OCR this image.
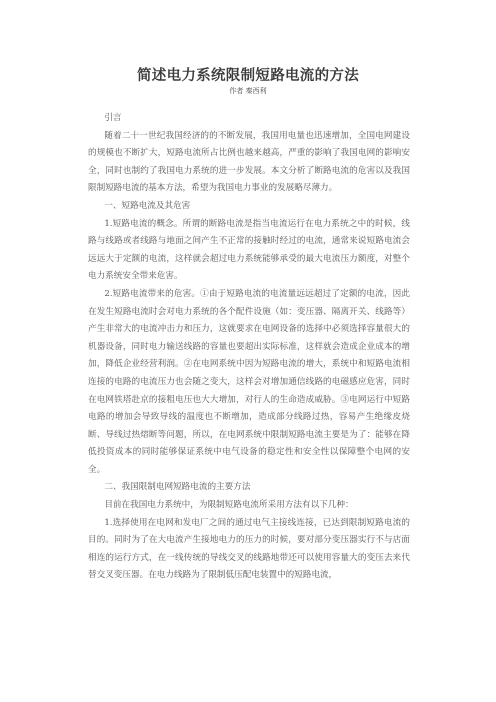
简述电力系统限制短路电流的方法
作者 秦西利

引言

随着二十一世纪我国经济的的不断发展，我国用电量也迅速增加，全国电网建设的规模也不断扩大，短路电流所占比例也越来越高，严重的影响了我国电网的影响安全，同时也制约了我国电力系统的进一步发展。本文分析了断路电流的危害以及我国限制短路电流的基本方法，希望为我国电力事业的发展略尽薄力。

一、短路电流及其危害

1.短路电流的概念。所谓的断路电流是指当电流运行在电力系统之中的时候，线路与线路或者线路与地面之间产生不正常的接触时经过的电流，通常来说短路电流会远远大于定额的电流，这样就会超过电力系统能够承受的最大电流压力额度，对整个电力系统安全带来危害。

2.短路电流带来的危害。①由于短路电流的电流量远远超过了定额的电流，因此在发生短路电流时会对电力系统的各个配件设施（如：变压器、隔离开关、线路等）产生非常大的电流冲击力和压力，这就要求在电网设备的选择中必须选择容量很大的机器设备，同时电力输送线路的容量也要超出实际标准，这样就会造成企业成本的增加，降低企业经营利润。②在电网系统中因为短路电流的增大，系统中和短路电流相连接的电路的电流压力也会随之变大，这样会对增加通信线路的电磁感应危害，同时在电网铁塔赴京的接粗电压也大大增加，对行人的生命造成威胁。③电网运行中短路电路的增加会导致导线的温度也不断增加，造成部分线路过热，容易产生绝缘皮烧断、导线过热熔断等问题，所以，在电网系统中限制短路电流主要是为了：能够在降低投资成本的同时能够保证系统中电气设备的稳定性和安全性以保障整个电网的安全。

二、我国限制电网短路电流的主要方法

目前在我国电力系统中，为限制短路电流所采用方法有以下几种：

1.选择使用在电网和发电厂之间的通过电气主接线连接，已达到限制短路电流的目的。同时为了在大电流产生接地电力的压力的时候，要对部分变压器实行不与店面相连的运行方式，在一线传统的导线交叉的线路地带还可以使用容量大的变压去来代替交叉变压器。在电力线路为了限制低压配电装置中的短路电流，
